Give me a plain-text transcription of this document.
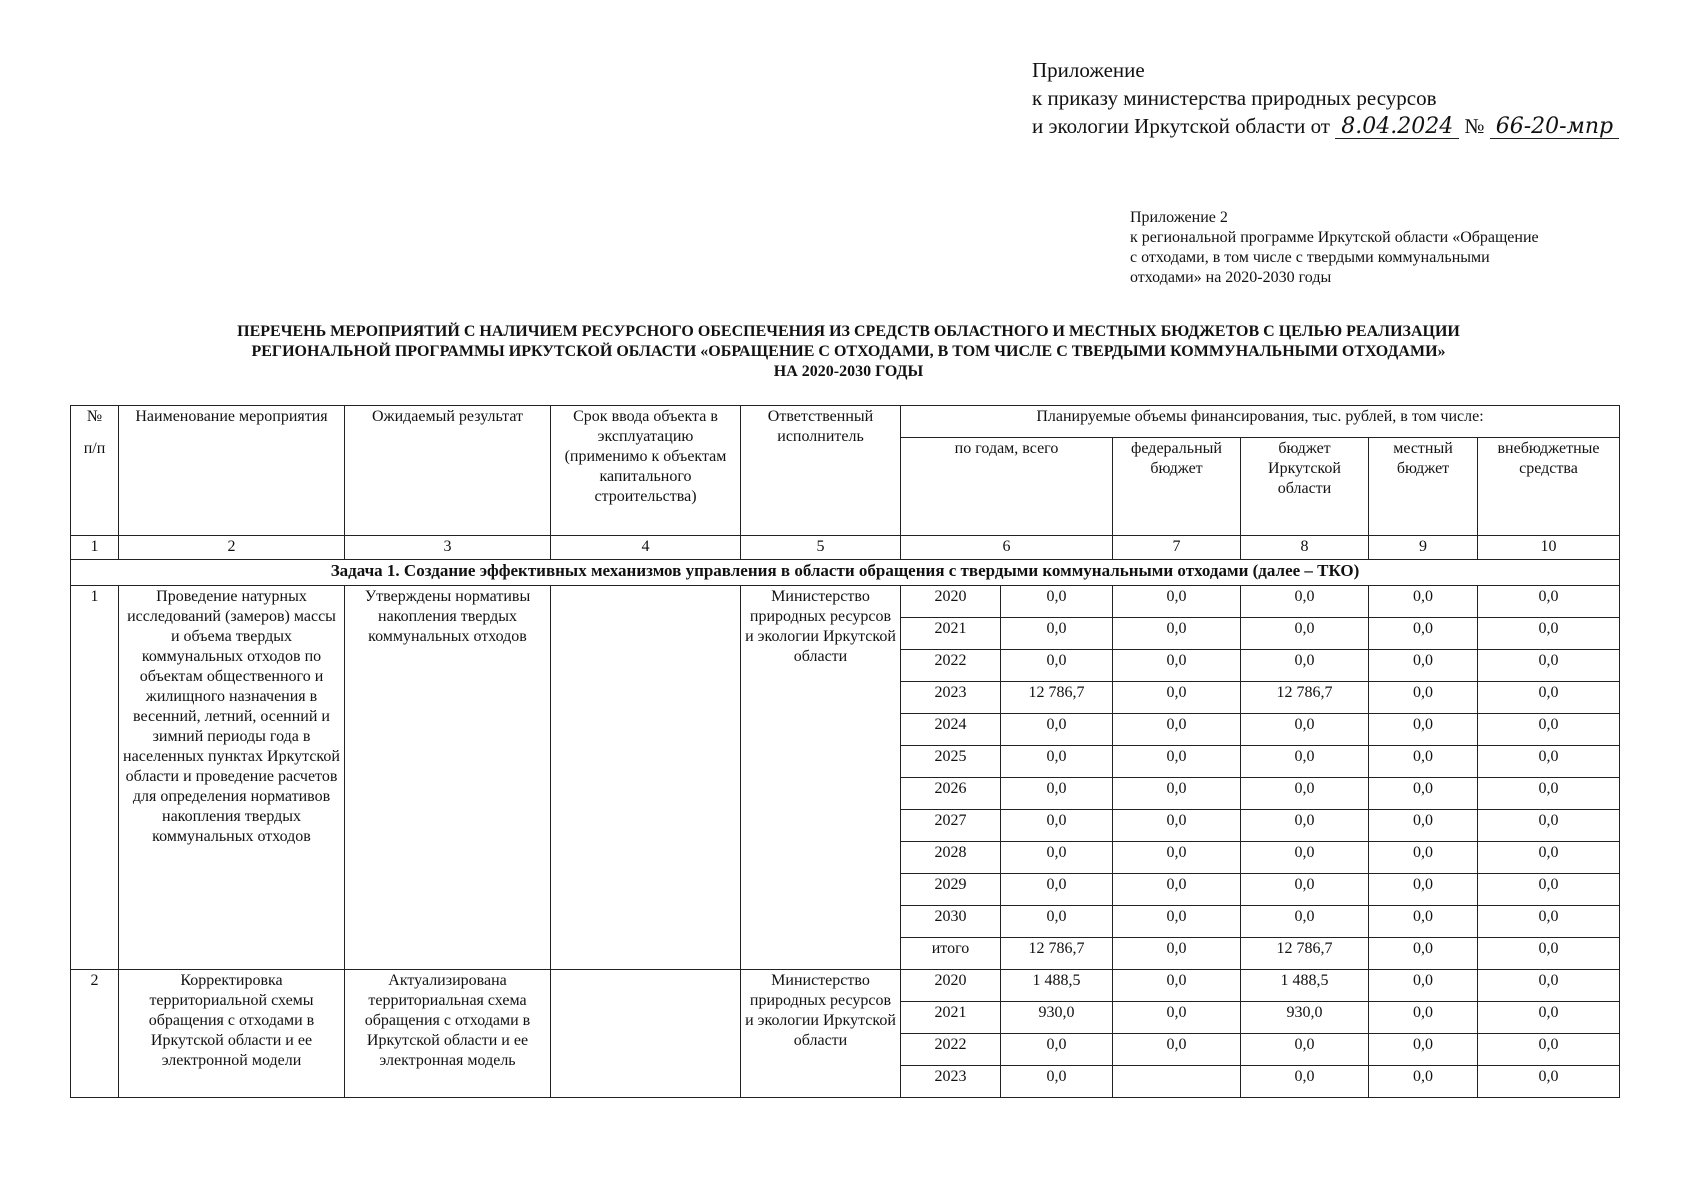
Приложение
к приказу министерства природных ресурсов
и экологии Иркутской области от 8.04.2024 № 66-20-мпр
Приложение 2
к региональной программе Иркутской области «Обращение
с отходами, в том числе с твердыми коммунальными
отходами» на 2020-2030 годы
ПЕРЕЧЕНЬ МЕРОПРИЯТИЙ С НАЛИЧИЕМ РЕСУРСНОГО ОБЕСПЕЧЕНИЯ ИЗ СРЕДСТВ ОБЛАСТНОГО И МЕСТНЫХ БЮДЖЕТОВ С ЦЕЛЬЮ РЕАЛИЗАЦИИ
РЕГИОНАЛЬНОЙ ПРОГРАММЫ ИРКУТСКОЙ ОБЛАСТИ «ОБРАЩЕНИЕ С ОТХОДАМИ, В ТОМ ЧИСЛЕ С ТВЕРДЫМИ КОММУНАЛЬНЫМИ ОТХОДАМИ»
НА 2020-2030 ГОДЫ
№	Наименование мероприятия	Ожидаемый результат	Срок ввода объекта в эксплуатацию (применимо к объектам капитального строительства)	Ответственный исполнитель	Планируемые объемы финансирования, тыс. рублей, в том числе:					
п/п					по годам, всего		федеральный бюджет	бюджет Иркутской области	местный бюджет	внебюджетные средства
1	2	3	4	5	6		7	8	9	10
Задача 1. Создание эффективных механизмов управления в области обращения с твердыми коммунальными отходами (далее – ТКО)										
1	Проведение натурных исследований (замеров) массы и объема твердых коммунальных отходов по объектам общественного и жилищного назначения в весенний, летний, осенний и зимний периоды года в населенных пунктах Иркутской области и проведение расчетов для определения нормативов накопления твердых коммунальных отходов	Утверждены нормативы накопления твердых коммунальных отходов		Министерство природных ресурсов и экологии Иркутской области	2020	0,0	0,0	0,0	0,0	0,0
					2021	0,0	0,0	0,0	0,0	0,0
					2022	0,0	0,0	0,0	0,0	0,0
					2023	12 786,7	0,0	12 786,7	0,0	0,0
					2024	0,0	0,0	0,0	0,0	0,0
					2025	0,0	0,0	0,0	0,0	0,0
					2026	0,0	0,0	0,0	0,0	0,0
					2027	0,0	0,0	0,0	0,0	0,0
					2028	0,0	0,0	0,0	0,0	0,0
					2029	0,0	0,0	0,0	0,0	0,0
					2030	0,0	0,0	0,0	0,0	0,0
					итого	12 786,7	0,0	12 786,7	0,0	0,0
2	Корректировка территориальной схемы обращения с отходами в Иркутской области и ее электронной модели	Актуализирована территориальная схема обращения с отходами в Иркутской области и ее электронная модель		Министерство природных ресурсов и экологии Иркутской области	2020	1 488,5	0,0	1 488,5	0,0	0,0
					2021	930,0	0,0	930,0	0,0	0,0
					2022	0,0	0,0	0,0	0,0	0,0
					2023	0,0		0,0	0,0	0,0
